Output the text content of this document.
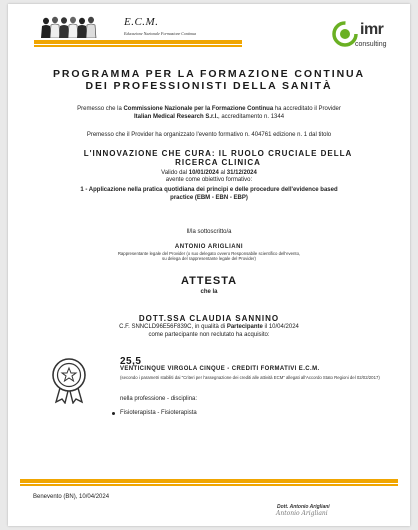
E.C.M.
Educazione Nazionale Formazione Continua	imr
consulting
PROGRAMMA PER LA FORMAZIONE CONTINUA
DEI PROFESSIONISTI DELLA SANITÀ
Premesso che la Commissione Nazionale per la Formazione Continua ha accreditato il Provider
Italian Medical Research S.r.l., accreditamento n. 1344
Premesso che il Provider ha organizzato l'evento formativo n. 404761 edizione n. 1 dal titolo
L'INNOVAZIONE CHE CURA: IL RUOLO CRUCIALE DELLA RICERCA CLINICA
Valido dal 10/01/2024 al 31/12/2024
avente come obiettivo formativo:
1 - Applicazione nella pratica quotidiana dei principi e delle procedure dell'evidence based practice (EBM - EBN - EBP)
Il/la sottoscritto/a
ANTONIO ARIGLIANI
Rappresentante legale del Provider (o suo delegato ovvero Responsabile scientifico dell'evento,
su delega del rappresentante legale del Provider)
ATTESTA
che la
DOTT.SSA CLAUDIA SANNINO
C.F. SNNCLD96E56F839C, in qualità di Partecipante il 10/04/2024
come partecipante non reclutato ha acquisito:
25,5
VENTICINQUE VIRGOLA CINQUE - CREDITI FORMATIVI E.C.M.
(secondo i parametri stabiliti dai "Criteri per l'assegnazione dei crediti alle attività ECM" allegati all'Accordo Stato Regioni del 02/02/2017)
nella professione - disciplina:
Fisioterapista - Fisioterapista
Benevento (BN), 10/04/2024
Dott. Antonio Arigliani
Antonio Arigliani
